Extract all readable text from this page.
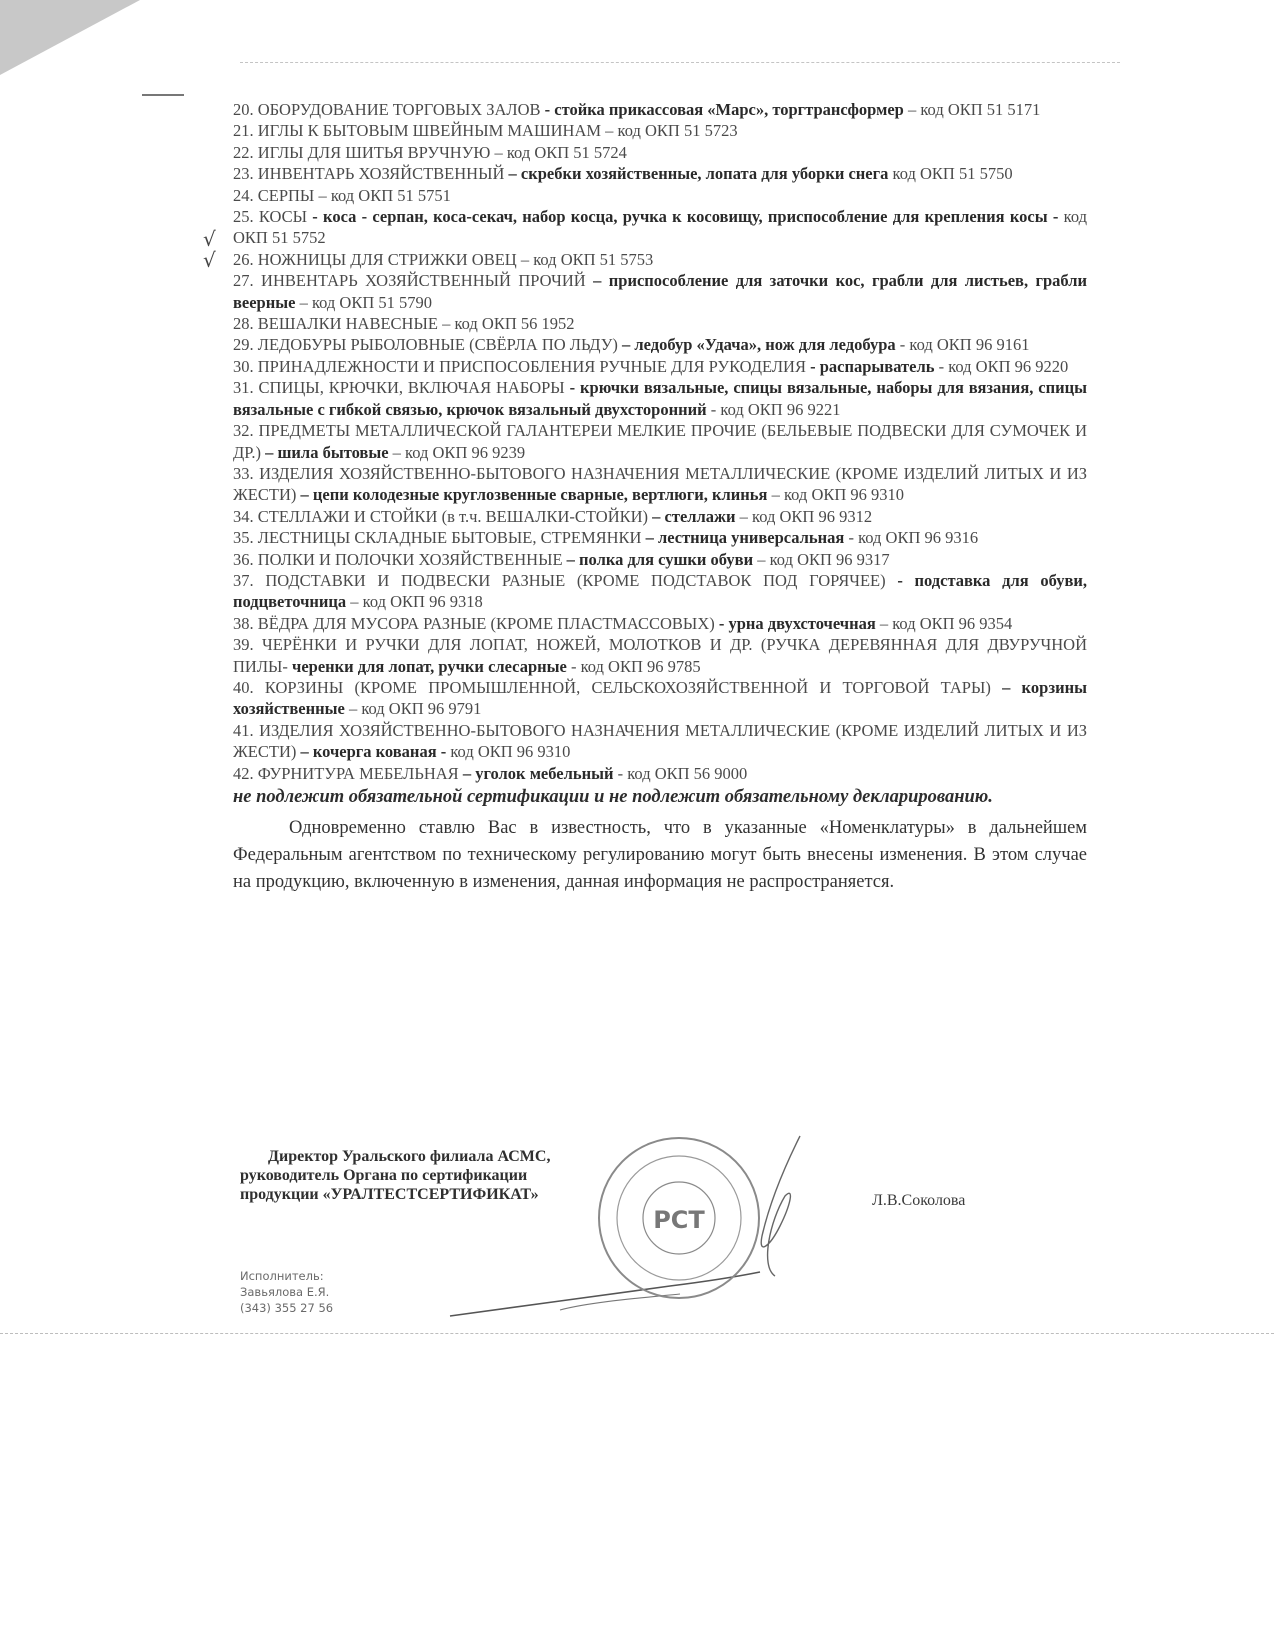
√
√

20. ОБОРУДОВАНИЕ ТОРГОВЫХ ЗАЛОВ - стойка прикассовая «Марс», торгтрансформер – код ОКП 51 5171

21. ИГЛЫ К БЫТОВЫМ ШВЕЙНЫМ МАШИНАМ – код ОКП 51 5723

22. ИГЛЫ ДЛЯ ШИТЬЯ ВРУЧНУЮ – код ОКП 51 5724

23. ИНВЕНТАРЬ ХОЗЯЙСТВЕННЫЙ – скребки хозяйственные, лопата для уборки снега код ОКП 51 5750

24. СЕРПЫ – код ОКП 51 5751

25. КОСЫ - коса - серпан, коса-секач, набор косца, ручка к косовищу, приспособление для крепления косы - код ОКП 51 5752

26. НОЖНИЦЫ ДЛЯ СТРИЖКИ ОВЕЦ – код ОКП 51 5753

27. ИНВЕНТАРЬ ХОЗЯЙСТВЕННЫЙ ПРОЧИЙ – приспособление для заточки кос, грабли для листьев, грабли веерные – код ОКП 51 5790

28. ВЕШАЛКИ НАВЕСНЫЕ – код ОКП 56 1952

29. ЛЕДОБУРЫ РЫБОЛОВНЫЕ (СВЁРЛА ПО ЛЬДУ) – ледобур «Удача», нож для ледобура - код ОКП 96 9161

30. ПРИНАДЛЕЖНОСТИ И ПРИСПОСОБЛЕНИЯ РУЧНЫЕ ДЛЯ РУКОДЕЛИЯ - распарыватель - код ОКП 96 9220

31. СПИЦЫ, КРЮЧКИ, ВКЛЮЧАЯ НАБОРЫ - крючки вязальные, спицы вязальные, наборы для вязания, спицы вязальные с гибкой связью, крючок вязальный двухсторонний - код ОКП 96 9221

32. ПРЕДМЕТЫ МЕТАЛЛИЧЕСКОЙ ГАЛАНТЕРЕИ МЕЛКИЕ ПРОЧИЕ (БЕЛЬЕВЫЕ ПОДВЕСКИ ДЛЯ СУМОЧЕК И ДР.) – шила бытовые – код ОКП 96 9239

33. ИЗДЕЛИЯ ХОЗЯЙСТВЕННО-БЫТОВОГО НАЗНАЧЕНИЯ МЕТАЛЛИЧЕСКИЕ (КРОМЕ ИЗДЕЛИЙ ЛИТЫХ И ИЗ ЖЕСТИ) – цепи колодезные круглозвенные сварные, вертлюги, клинья – код ОКП 96 9310

34. СТЕЛЛАЖИ И СТОЙКИ (в т.ч. ВЕШАЛКИ-СТОЙКИ) – стеллажи – код ОКП 96 9312

35. ЛЕСТНИЦЫ СКЛАДНЫЕ БЫТОВЫЕ, СТРЕМЯНКИ – лестница универсальная - код ОКП 96 9316

36. ПОЛКИ И ПОЛОЧКИ ХОЗЯЙСТВЕННЫЕ – полка для сушки обуви – код ОКП 96 9317

37. ПОДСТАВКИ И ПОДВЕСКИ РАЗНЫЕ (КРОМЕ ПОДСТАВОК ПОД ГОРЯЧЕЕ) - подставка для обуви, подцветочница – код ОКП 96 9318

38. ВЁДРА ДЛЯ МУСОРА РАЗНЫЕ (КРОМЕ ПЛАСТМАССОВЫХ) - урна двухсточечная – код ОКП 96 9354

39. ЧЕРЁНКИ И РУЧКИ ДЛЯ ЛОПАТ, НОЖЕЙ, МОЛОТКОВ И ДР. (РУЧКА ДЕРЕВЯННАЯ ДЛЯ ДВУРУЧНОЙ ПИЛЫ- черенки для лопат, ручки слесарные - код ОКП 96 9785

40. КОРЗИНЫ (КРОМЕ ПРОМЫШЛЕННОЙ, СЕЛЬСКОХОЗЯЙСТВЕННОЙ И ТОРГОВОЙ ТАРЫ) – корзины хозяйственные – код ОКП 96 9791

41. ИЗДЕЛИЯ ХОЗЯЙСТВЕННО-БЫТОВОГО НАЗНАЧЕНИЯ МЕТАЛЛИЧЕСКИЕ (КРОМЕ ИЗДЕЛИЙ ЛИТЫХ И ИЗ ЖЕСТИ) – кочерга кованая - код ОКП 96 9310

42. ФУРНИТУРА МЕБЕЛЬНАЯ – уголок мебельный - код ОКП 56 9000

не подлежит обязательной сертификации и не подлежит обязательному декларированию.

Одновременно ставлю Вас в известность, что в указанные «Номенклатуры» в дальнейшем Федеральным агентством по техническому регулированию могут быть внесены изменения. В этом случае на продукцию, включенную в изменения, данная информация не распространяется.

РСТ
Директор Уральского филиала АСМС,
руководитель Органа по сертификации
продукции «УРАЛТЕСТСЕРТИФИКАТ»	Л.В.Соколова
Исполнитель:
Завьялова Е.Я.
(343) 355 27 56
